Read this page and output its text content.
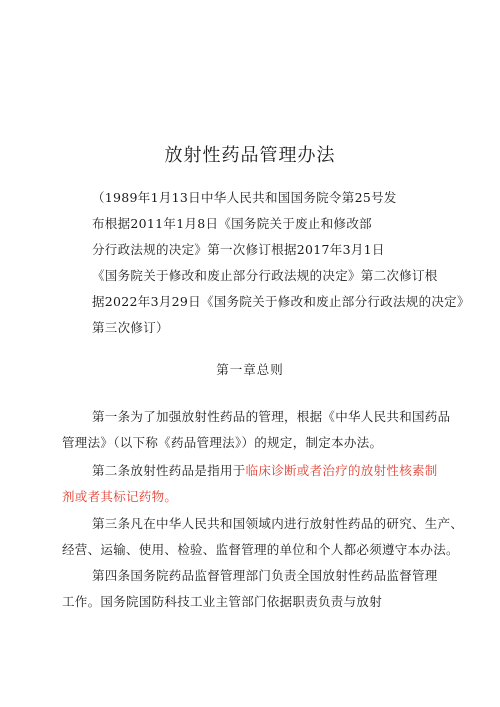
放射性药品管理办法
（1989年1月13日中华人民共和国国务院令第25号发
布根据2011年1月8日《国务院关于废止和修改部
分行政法规的决定》第一次修订根据2017年3月1日
《国务院关于修改和废止部分行政法规的决定》第二次修订根
据2022年3月29日《国务院关于修改和废止部分行政法规的决定》
第三次修订）
第一章总则
第一条为了加强放射性药品的管理，根据《中华人民共和国药品
管理法》（以下称《药品管理法》）的规定，制定本办法。
第二条放射性药品是指用于临床诊断或者治疗的放射性核素制
剂或者其标记药物。
第三条凡在中华人民共和国领域内进行放射性药品的研究、生产、
经营、运输、使用、检验、监督管理的单位和个人都必须遵守本办法。
第四条国务院药品监督管理部门负责全国放射性药品监督管理
工作。国务院国防科技工业主管部门依据职责负责与放射
